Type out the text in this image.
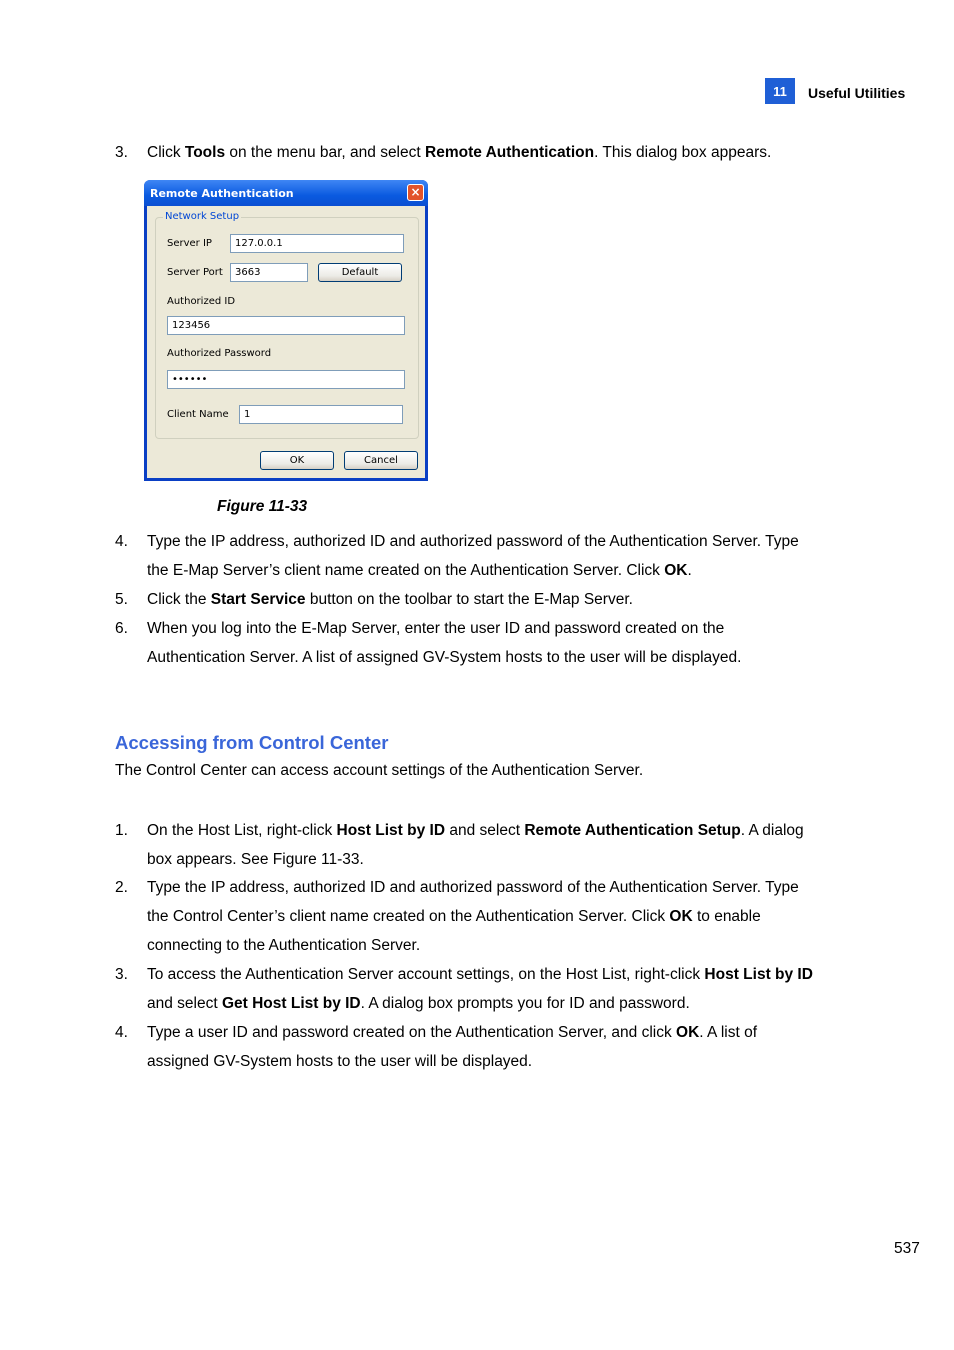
11	Useful Utilities
3. Click Tools on the menu bar, and select Remote Authentication. This dialog box appears.
Remote Authentication	×
Network Setup
Server IP	127.0.0.1
Server Port	3663	Default
Authorized ID
123456
Authorized Password
••••••
Client Name	1
OK	Cancel
Figure 11-33
4. Type the IP address, authorized ID and authorized password of the Authentication Server. Type
the E-Map Server’s client name created on the Authentication Server. Click OK.
5. Click the Start Service button on the toolbar to start the E-Map Server.
6. When you log into the E-Map Server, enter the user ID and password created on the
Authentication Server. A list of assigned GV-System hosts to the user will be displayed.
Accessing from Control Center
The Control Center can access account settings of the Authentication Server.
1. On the Host List, right-click Host List by ID and select Remote Authentication Setup. A dialog
box appears. See Figure 11-33.
2. Type the IP address, authorized ID and authorized password of the Authentication Server. Type
the Control Center’s client name created on the Authentication Server. Click OK to enable
connecting to the Authentication Server.
3. To access the Authentication Server account settings, on the Host List, right-click Host List by ID
and select Get Host List by ID. A dialog box prompts you for ID and password.
4. Type a user ID and password created on the Authentication Server, and click OK. A list of
assigned GV-System hosts to the user will be displayed.
537
